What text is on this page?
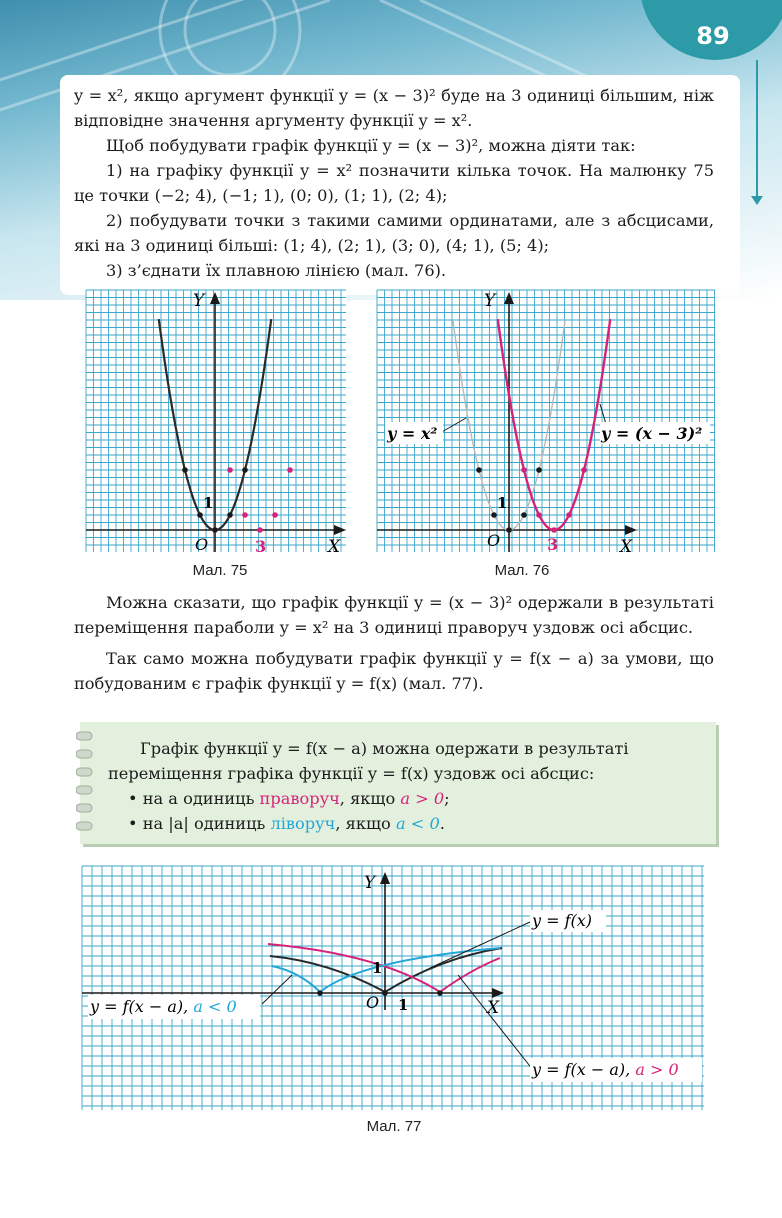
89

y = x², якщо аргумент функції y = (x − 3)² буде на 3 одиниці більшим, ніж відповідне значення аргументу функції y = x².

Щоб побудувати графік функції y = (x − 3)², можна діяти так:

1) на графіку функції y = x² позначити кілька точок. На малюнку 75 це точки (−2; 4), (−1; 1), (0; 0), (1; 1), (2; 4);

2) побудувати точки з такими самими ординатами, але з абсцисами, які на 3 одиниці більші: (1; 4), (2; 1), (3; 0), (4; 1), (5; 4);

3) з’єднати їх плавною лінією (мал. 76).

Y
X
O
1
3
Мал. 75
y = x²	y = (x − 3)²
Y
X
O
1
3
Мал. 76

Можна сказати, що графік функції y = (x − 3)² одержали в результаті переміщення параболи y = x² на 3 одиниці праворуч уздовж осі абсцис.

Так само можна побудувати графік функції y = f(x − a) за умови, що побудованим є графік функції y = f(x) (мал. 77).

Графік функції y = f(x − a) можна одержати в результаті переміщення графіка функції y = f(x) уздовж осі абсцис:

• на a одиниць праворуч, якщо a > 0;

• на |a| одиниць ліворуч, якщо a < 0.

y = f(x)
y = f(x − a), a < 0
y = f(x − a), a > 0
Y
X
O 1
1
Мал. 77
